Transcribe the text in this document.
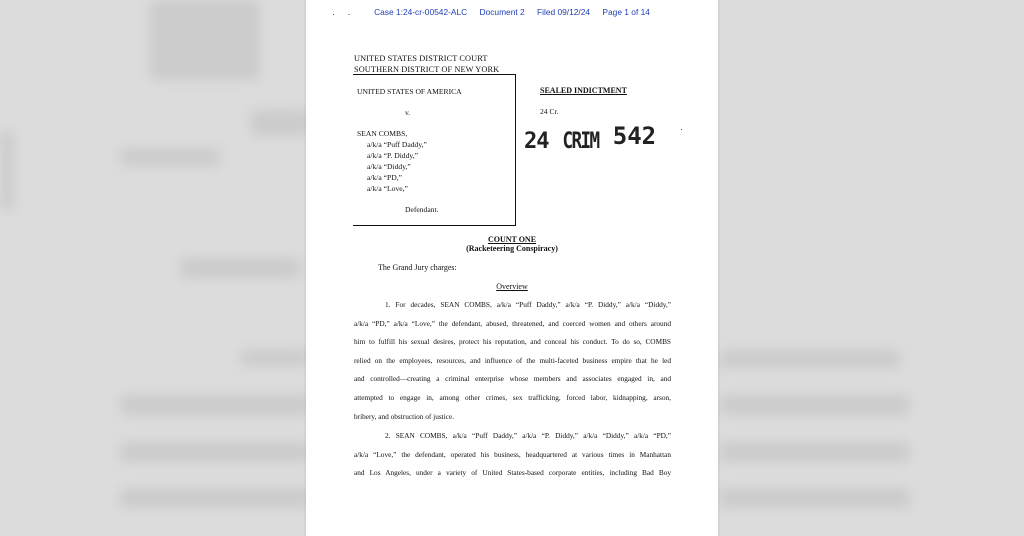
·     ·	Case 1:24-cr-00542-ALC Document 2 Filed 09/12/24 Page 1 of 14
UNITED STATES DISTRICT COURT
SOUTHERN DISTRICT OF NEW YORK
UNITED STATES OF AMERICA
v.
SEAN COMBS,
a/k/a “Puff Daddy,”
a/k/a “P. Diddy,”
a/k/a “Diddy,”
a/k/a “PD,”
a/k/a “Love,”
Defendant.
SEALED INDICTMENT
24 Cr.
24 CRIM 542	·
COUNT ONE
(Racketeering Conspiracy)
The Grand Jury charges:
Overview
1. For decades, SEAN COMBS, a/k/a “Puff Daddy,” a/k/a “P. Diddy,” a/k/a “Diddy,”
a/k/a “PD,” a/k/a “Love,” the defendant, abused, threatened, and coerced women and others around
him to fulfill his sexual desires, protect his reputation, and conceal his conduct. To do so, COMBS
relied on the employees, resources, and influence of the multi-faceted business empire that he led
and controlled—creating a criminal enterprise whose members and associates engaged in, and
attempted to engage in, among other crimes, sex trafficking, forced labor, kidnapping, arson,
bribery, and obstruction of justice.
2. SEAN COMBS, a/k/a “Puff Daddy,” a/k/a “P. Diddy,” a/k/a “Diddy,” a/k/a “PD,”
a/k/a “Love,” the defendant, operated his business, headquartered at various times in Manhattan
and Los Angeles, under a variety of United States-based corporate entities, including Bad Boy
